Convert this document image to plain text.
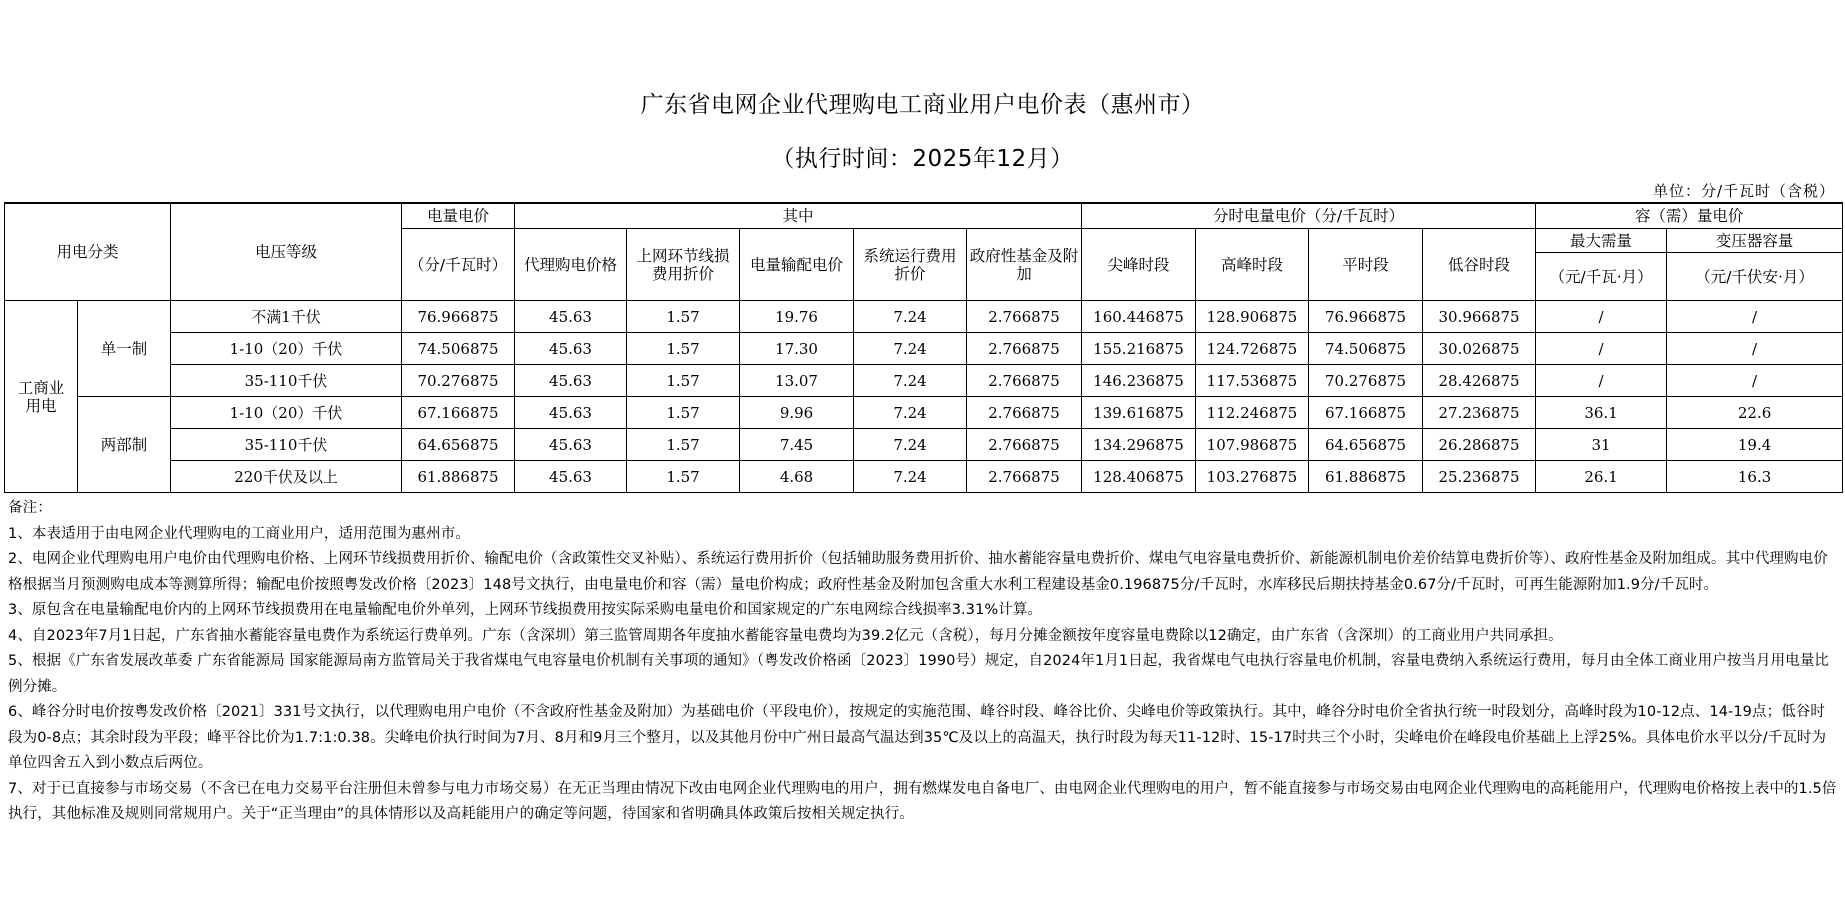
广东省电网企业代理购电工商业用户电价表（惠州市）
（执行时间：2025年12月）
单位：分/千瓦时（含税）
用电分类		电压等级	电量电价	其中					分时电量电价（分/千瓦时）				容（需）量电价	
			（分/千瓦时）	代理购电价格	上网环节线损费用折价	电量输配电价	系统运行费用折价	政府性基金及附加	尖峰时段	高峰时段	平时段	低谷时段	最大需量	变压器容量
													（元/千瓦·月）	（元/千伏安·月）
工商业用电	单一制	不满1千伏	76.966875	45.63	1.57	19.76	7.24	2.766875	160.446875	128.906875	76.966875	30.966875	/	/
		1-10（20）千伏	74.506875	45.63	1.57	17.30	7.24	2.766875	155.216875	124.726875	74.506875	30.026875	/	/
		35-110千伏	70.276875	45.63	1.57	13.07	7.24	2.766875	146.236875	117.536875	70.276875	28.426875	/	/
	两部制	1-10（20）千伏	67.166875	45.63	1.57	9.96	7.24	2.766875	139.616875	112.246875	67.166875	27.236875	36.1	22.6
		35-110千伏	64.656875	45.63	1.57	7.45	7.24	2.766875	134.296875	107.986875	64.656875	26.286875	31	19.4
		220千伏及以上	61.886875	45.63	1.57	4.68	7.24	2.766875	128.406875	103.276875	61.886875	25.236875	26.1	16.3

备注：

1、本表适用于由电网企业代理购电的工商业用户，适用范围为惠州市。

2、电网企业代理购电用户电价由代理购电价格、上网环节线损费用折价、输配电价（含政策性交叉补贴）、系统运行费用折价（包括辅助服务费用折价、抽水蓄能容量电费折价、煤电气电容量电费折价、新能源机制电价差价结算电费折价等）、政府性基金及附加组成。其中代理购电价格根据当月预测购电成本等测算所得；输配电价按照粤发改价格〔2023〕148号文执行，由电量电价和容（需）量电价构成；政府性基金及附加包含重大水利工程建设基金0.196875分/千瓦时，水库移民后期扶持基金0.67分/千瓦时，可再生能源附加1.9分/千瓦时。

3、原包含在电量输配电价内的上网环节线损费用在电量输配电价外单列，上网环节线损费用按实际采购电量电价和国家规定的广东电网综合线损率3.31%计算。

4、自2023年7月1日起，广东省抽水蓄能容量电费作为系统运行费单列。广东（含深圳）第三监管周期各年度抽水蓄能容量电费均为39.2亿元（含税），每月分摊金额按年度容量电费除以12确定，由广东省（含深圳）的工商业用户共同承担。

5、根据《广东省发展改革委 广东省能源局 国家能源局南方监管局关于我省煤电气电容量电价机制有关事项的通知》（粤发改价格函〔2023〕1990号）规定，自2024年1月1日起，我省煤电气电执行容量电价机制，容量电费纳入系统运行费用，每月由全体工商业用户按当月用电量比例分摊。

6、峰谷分时电价按粤发改价格〔2021〕331号文执行，以代理购电用户电价（不含政府性基金及附加）为基础电价（平段电价），按规定的实施范围、峰谷时段、峰谷比价、尖峰电价等政策执行。其中，峰谷分时电价全省执行统一时段划分，高峰时段为10-12点、14-19点；低谷时段为0-8点；其余时段为平段；峰平谷比价为1.7:1:0.38。尖峰电价执行时间为7月、8月和9月三个整月，以及其他月份中广州日最高气温达到35℃及以上的高温天，执行时段为每天11-12时、15-17时共三个小时，尖峰电价在峰段电价基础上上浮25%。具体电价水平以分/千瓦时为单位四舍五入到小数点后两位。

7、对于已直接参与市场交易（不含已在电力交易平台注册但未曾参与电力市场交易）在无正当理由情况下改由电网企业代理购电的用户，拥有燃煤发电自备电厂、由电网企业代理购电的用户，暂不能直接参与市场交易由电网企业代理购电的高耗能用户，代理购电价格按上表中的1.5倍执行，其他标准及规则同常规用户。关于“正当理由”的具体情形以及高耗能用户的确定等问题，待国家和省明确具体政策后按相关规定执行。
